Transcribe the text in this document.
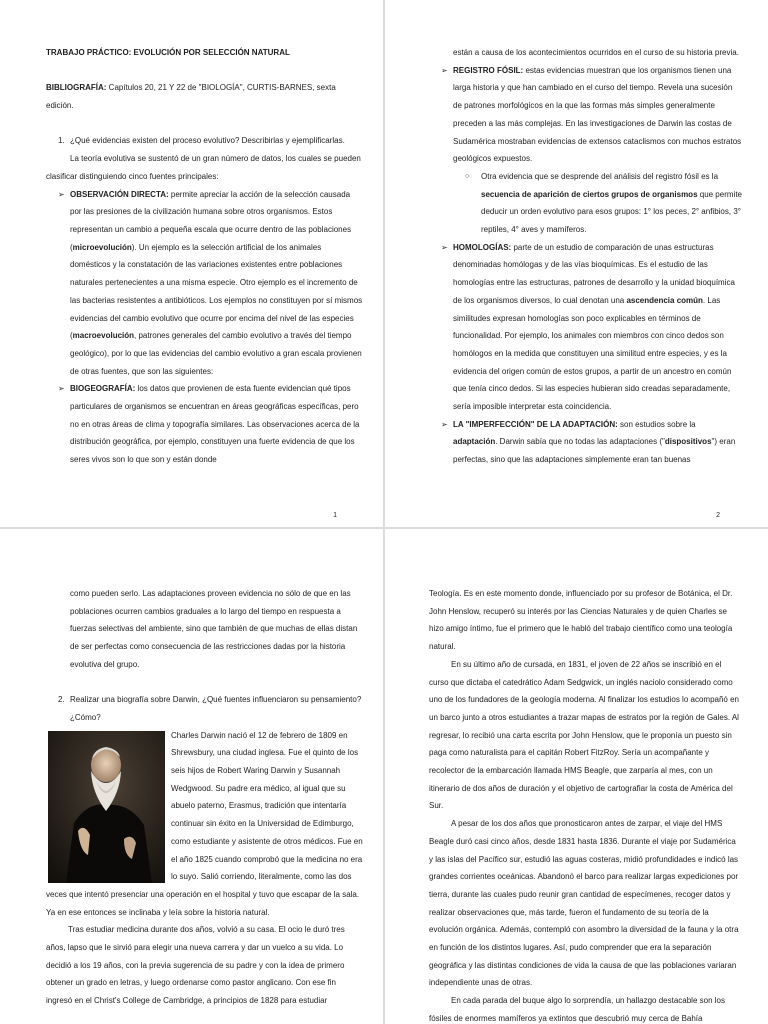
TRABAJO PRÁCTICO: EVOLUCIÓN POR SELECCIÓN NATURAL

BIBLIOGRAFÍA: Capítulos 20, 21 Y 22 de "BIOLOGÍA", CURTIS-BARNES, sexta edición.

1. ¿Qué evidencias existen del proceso evolutivo? Describirlas y ejemplificarlas.

La teoría evolutiva se sustentó de un gran número de datos, los cuales se pueden clasificar distinguiendo cinco fuentes principales:

➢ OBSERVACIÓN DIRECTA: permite apreciar la acción de la selección causada por las presiones de la civilización humana sobre otros organismos. Estos representan un cambio a pequeña escala que ocurre dentro de las poblaciones (microevolución). Un ejemplo es la selección artificial de los animales domésticos y la constatación de las variaciones existentes entre poblaciones naturales pertenecientes a una misma especie. Otro ejemplo es el incremento de las bacterias resistentes a antibióticos. Los ejemplos no constituyen por sí mismos evidencias del cambio evolutivo que ocurre por encima del nivel de las especies (macroevolución, patrones generales del cambio evolutivo a través del tiempo geológico), por lo que las evidencias del cambio evolutivo a gran escala provienen de otras fuentes, que son las siguientes:

➢ BIOGEOGRAFÍA: los datos que provienen de esta fuente evidencian qué tipos particulares de organismos se encuentran en áreas geográficas específicas, pero no en otras áreas de clima y topografía similares. Las observaciones acerca de la distribución geográfica, por ejemplo, constituyen una fuerte evidencia de que los seres vivos son lo que son y están donde

1

están a causa de los acontecimientos ocurridos en el curso de su historia previa.

➢ REGISTRO FÓSIL: estas evidencias muestran que los organismos tienen una larga historia y que han cambiado en el curso del tiempo. Revela una sucesión de patrones morfológicos en la que las formas más simples generalmente preceden a las más complejas. En las investigaciones de Darwin las costas de Sudamérica mostraban evidencias de extensos cataclismos con muchos estratos geológicos expuestos.

○ Otra evidencia que se desprende del análisis del registro fósil es la secuencia de aparición de ciertos grupos de organismos que permite deducir un orden evolutivo para esos grupos: 1° los peces, 2° anfibios, 3° reptiles, 4° aves y mamíferos.

➢ HOMOLOGÍAS: parte de un estudio de comparación de unas estructuras denominadas homólogas y de las vías bioquímicas. Es el estudio de las homologías entre las estructuras, patrones de desarrollo y la unidad bioquímica de los organismos diversos, lo cual denotan una ascendencia común. Las similitudes expresan homologías son poco explicables en términos de funcionalidad. Por ejemplo, los animales con miembros con cinco dedos son homólogos en la medida que constituyen una similitud entre especies, y es la evidencia del origen común de estos grupos, a partir de un ancestro en común que tenía cinco dedos. Si las especies hubieran sido creadas separadamente, sería imposible interpretar esta coincidencia.

➢ LA "IMPERFECCIÓN" DE LA ADAPTACIÓN: son estudios sobre la adaptación. Darwin sabía que no todas las adaptaciones ("dispositivos") eran perfectas, sino que las adaptaciones simplemente eran tan buenas

2

como pueden serlo. Las adaptaciones proveen evidencia no sólo de que en las poblaciones ocurren cambios graduales a lo largo del tiempo en respuesta a fuerzas selectivas del ambiente, sino que también de que muchas de ellas distan de ser perfectas como consecuencia de las restricciones dadas por la historia evolutiva del grupo.

2. Realizar una biografía sobre Darwin, ¿Qué fuentes influenciaron su pensamiento? ¿Cómo?

Charles Darwin nació el 12 de febrero de 1809 en Shrewsbury, una ciudad inglesa. Fue el quinto de los seis hijos de Robert Waring Darwin y Susannah Wedgwood. Su padre era médico, al igual que su abuelo paterno, Erasmus, tradición que intentaría continuar sin éxito en la Universidad de Edimburgo, como estudiante y asistente de otros médicos. Fue en el año 1825 cuando comprobó que la medicina no era lo suyo. Salió corriendo, literalmente, como las dos veces que intentó presenciar una operación en el hospital y tuvo que escapar de la sala. Ya en ese entonces se inclinaba y leía sobre la historia natural.

Tras estudiar medicina durante dos años, volvió a su casa. El ocio le duró tres años, lapso que le sirvió para elegir una nueva carrera y dar un vuelco a su vida. Lo decidió a los 19 años, con la previa sugerencia de su padre y con la idea de primero obtener un grado en letras, y luego ordenarse como pastor anglicano. Con ese fin ingresó en el Christ's College de Cambridge, a principios de 1828 para estudiar

Teología. Es en este momento donde, influenciado por su profesor de Botánica, el Dr. John Henslow, recuperó su interés por las Ciencias Naturales y de quien Charles se hizo amigo íntimo, fue el primero que le habló del trabajo científico como una teología natural.

En su último año de cursada, en 1831, el joven de 22 años se inscribió en el curso que dictaba el catedrático Adam Sedgwick, un inglés naciolo considerado como uno de los fundadores de la geología moderna. Al finalizar los estudios lo acompañó en un barco junto a otros estudiantes a trazar mapas de estratos por la región de Gales. Al regresar, lo recibió una carta escrita por John Henslow, que le proponía un puesto sin paga como naturalista para el capitán Robert FitzRoy. Sería un acompañante y recolector de la embarcación llamada HMS Beagle, que zarparía al mes, con un itinerario de dos años de duración y el objetivo de cartografiar la costa de América del Sur.

A pesar de los dos años que pronosticaron antes de zarpar, el viaje del HMS Beagle duró casi cinco años, desde 1831 hasta 1836. Durante el viaje por Sudamérica y las islas del Pacífico sur, estudió las aguas costeras, midió profundidades e indicó las grandes corrientes oceánicas. Abandonó el barco para realizar largas expediciones por tierra, durante las cuales pudo reunir gran cantidad de especímenes, recoger datos y realizar observaciones que, más tarde, fueron el fundamento de su teoría de la evolución orgánica. Además, contempló con asombro la diversidad de la fauna y la otra en función de los distintos lugares. Así, pudo comprender que era la separación geográfica y las distintas condiciones de vida la causa de que las poblaciones variaran independiente unas de otras.

En cada parada del buque algo lo sorprendía, un hallazgo destacable son los fósiles de enormes mamíferos ya extintos que descubrió muy cerca de Bahía
